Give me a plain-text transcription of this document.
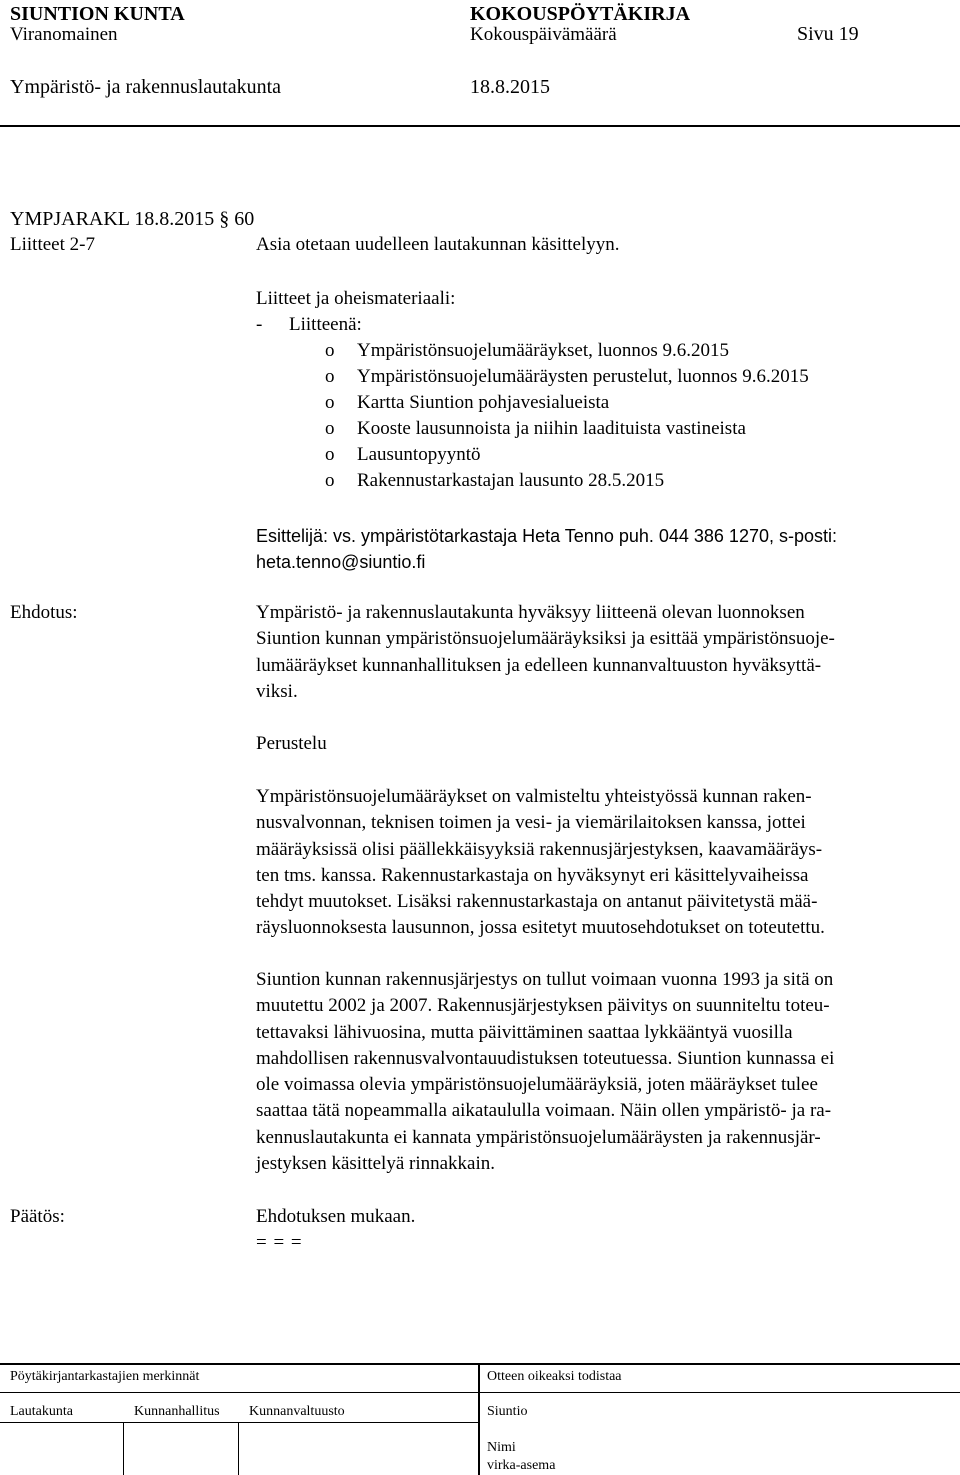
SIUNTION KUNTA	KOKOUSPÖYTÄKIRJA
Viranomainen	Kokouspäivämäärä	Sivu 19
Ympäristö- ja rakennuslautakunta	18.8.2015
YMPJARAKL 18.8.2015 § 60
Liitteet 2-7	Asia otetaan uudelleen lautakunnan käsittelyyn.
Liitteet ja oheismateriaali:
- Liitteenä:
o Ympäristönsuojelumääräykset, luonnos 9.6.2015
o Ympäristönsuojelumääräysten perustelut, luonnos 9.6.2015
o Kartta Siuntion pohjavesialueista
o Kooste lausunnoista ja niihin laadituista vastineista
o Lausuntopyyntö
o Rakennustarkastajan lausunto 28.5.2015
Esittelijä: vs. ympäristötarkastaja Heta Tenno puh. 044 386 1270, s-posti:
heta.tenno@siuntio.fi
Ehdotus:	Ympäristö- ja rakennuslautakunta hyväksyy liitteenä olevan luonnoksen

Siuntion kunnan ympäristönsuojelumääräyksiksi ja esittää ympäristönsuoje-

lumääräykset kunnanhallituksen ja edelleen kunnanvaltuuston hyväksyttä-

viksi.

Perustelu

Ympäristönsuojelumääräykset on valmisteltu yhteistyössä kunnan raken-

nusvalvonnan, teknisen toimen ja vesi- ja viemärilaitoksen kanssa, jottei

määräyksissä olisi päällekkäisyyksiä rakennusjärjestyksen, kaavamääräys-

ten tms. kanssa. Rakennustarkastaja on hyväksynyt eri käsittelyvaiheissa

tehdyt muutokset. Lisäksi rakennustarkastaja on antanut päivitetystä mää-

räysluonnoksesta lausunnon, jossa esitetyt muutosehdotukset on toteutettu.

Siuntion kunnan rakennusjärjestys on tullut voimaan vuonna 1993 ja sitä on

muutettu 2002 ja 2007. Rakennusjärjestyksen päivitys on suunniteltu toteu-

tettavaksi lähivuosina, mutta päivittäminen saattaa lykkääntyä vuosilla

mahdollisen rakennusvalvontauudistuksen toteutuessa. Siuntion kunnassa ei

ole voimassa olevia ympäristönsuojelumääräyksiä, joten määräykset tulee

saattaa tätä nopeammalla aikataululla voimaan. Näin ollen ympäristö- ja ra-

kennuslautakunta ei kannata ympäristönsuojelumääräysten ja rakennusjär-

jestyksen käsittelyä rinnakkain.

Päätös:	Ehdotuksen mukaan.
= = =
Pöytäkirjantarkastajien merkinnät	Otteen oikeaksi todistaa
Lautakunta	Kunnanhallitus Kunnanvaltuusto	Siuntio
Nimi
virka-asema
